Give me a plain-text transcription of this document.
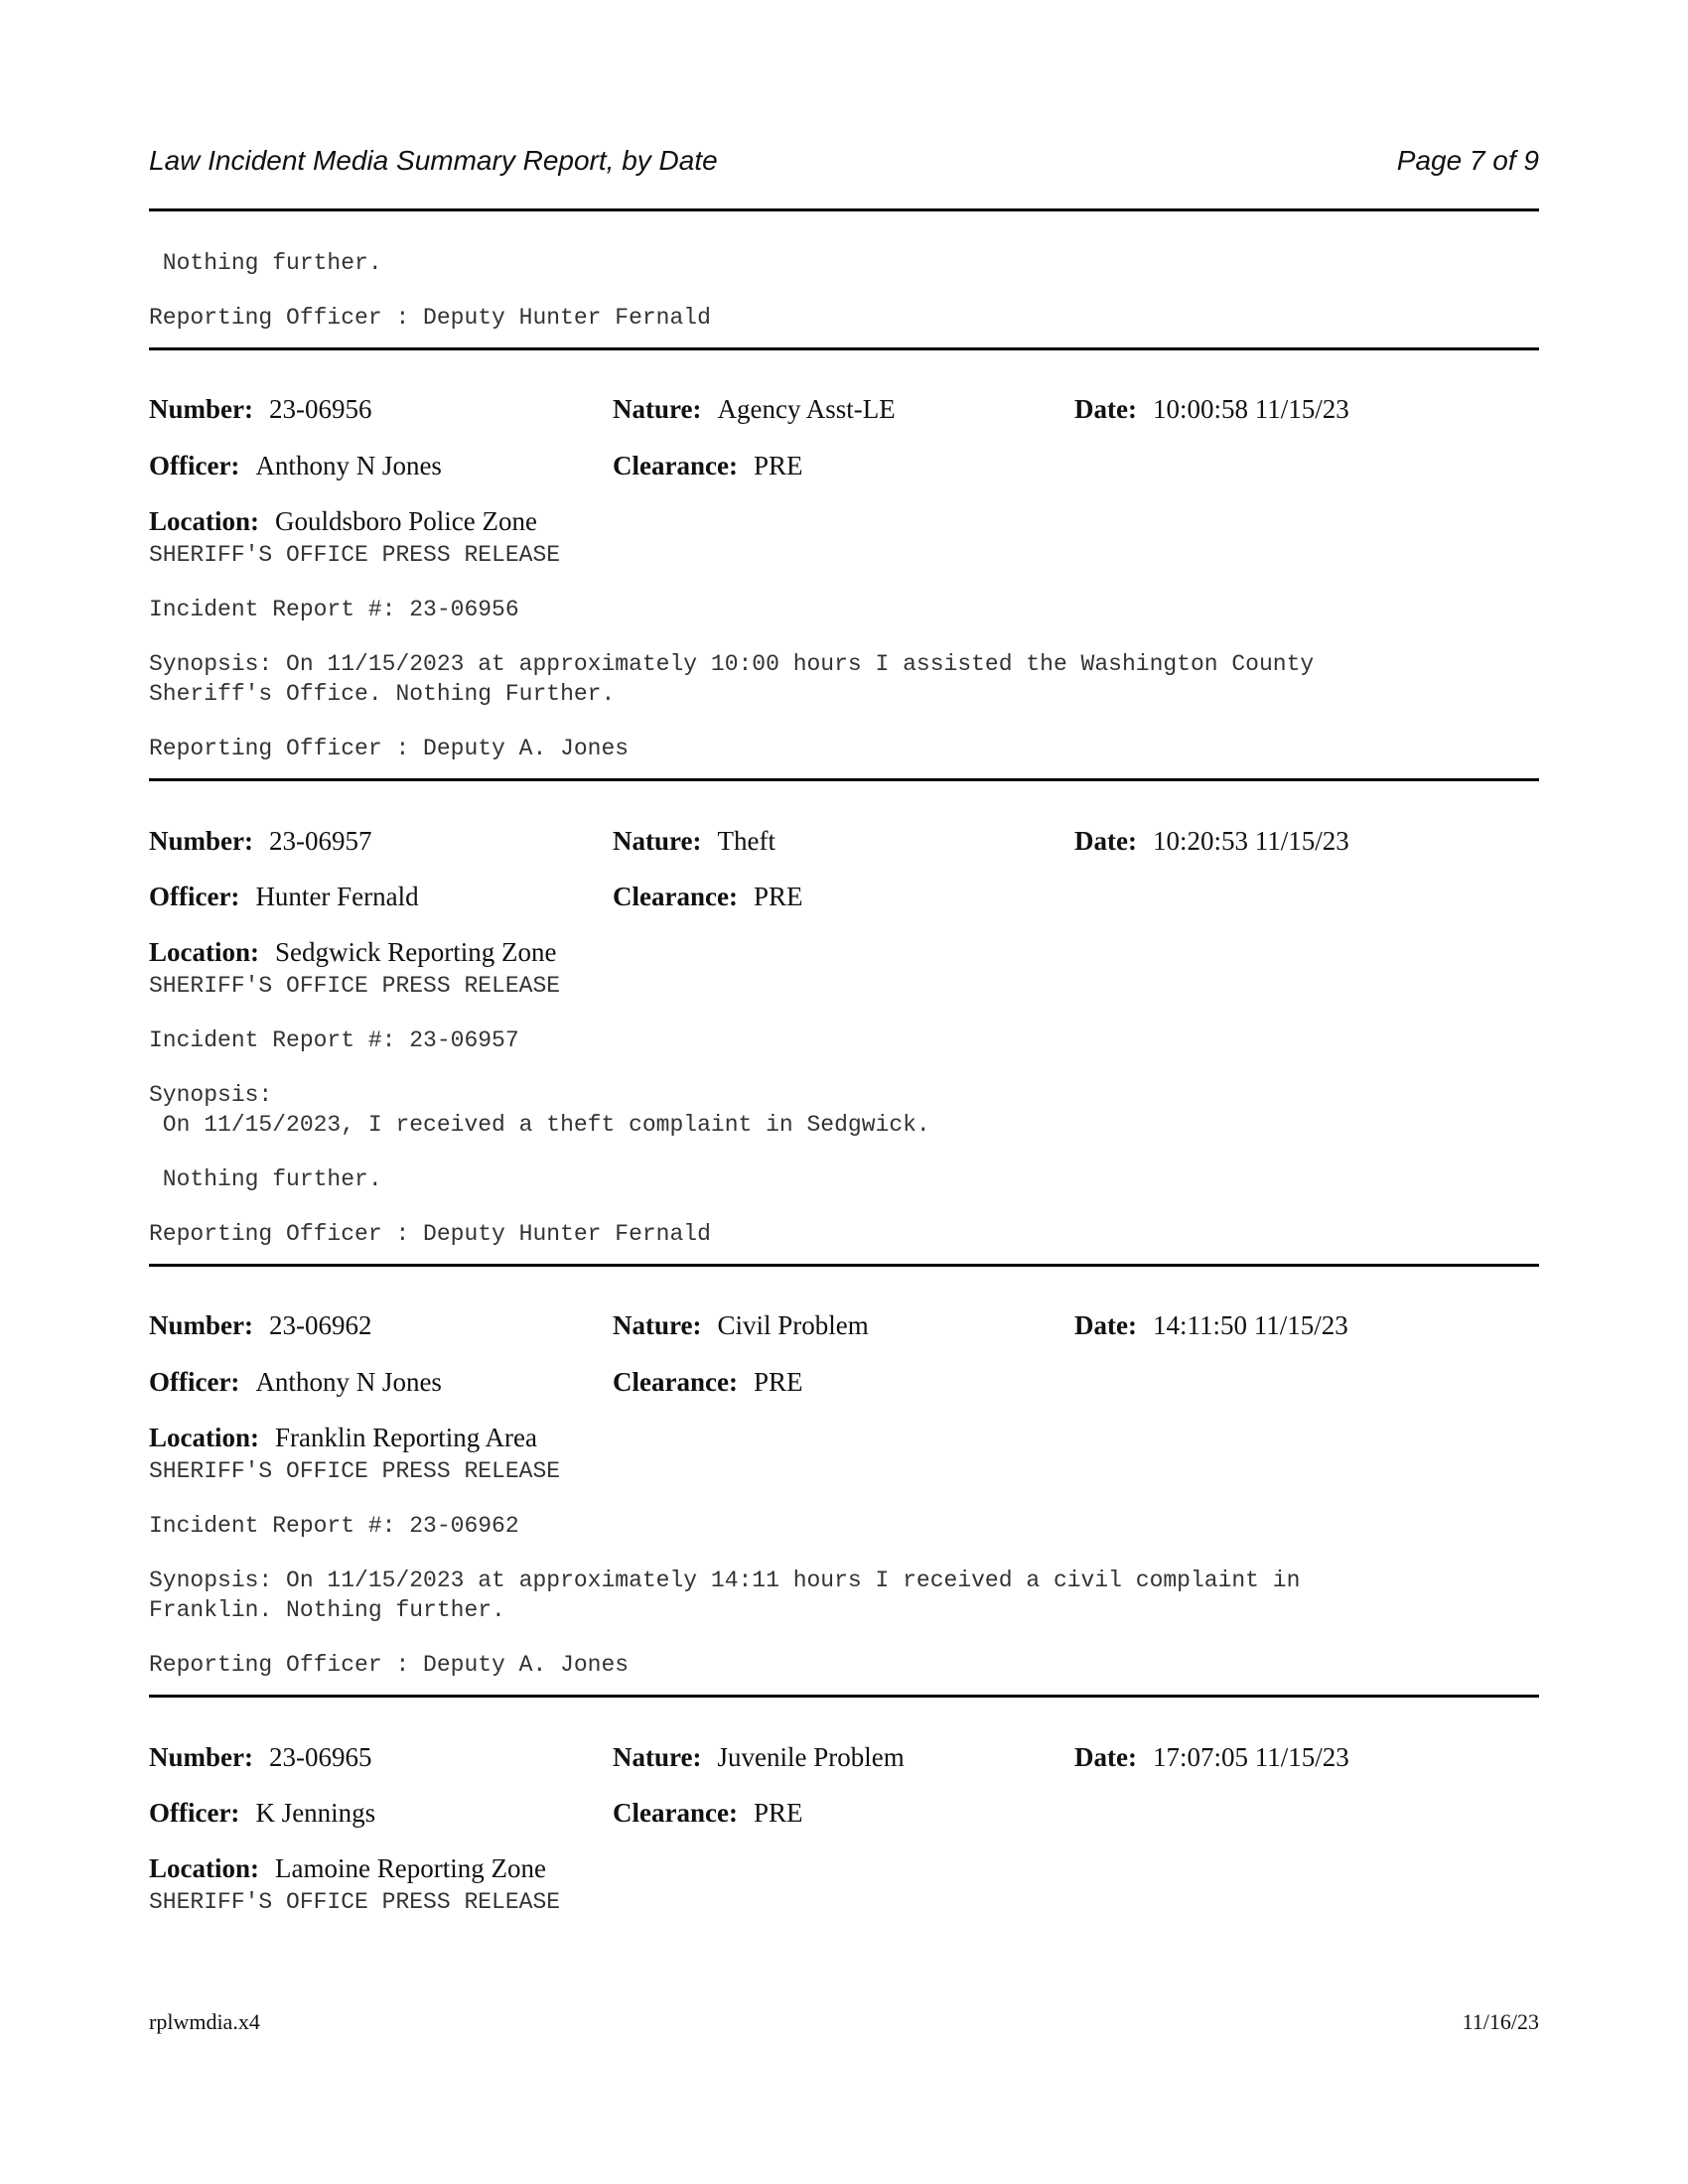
Law Incident Media Summary Report, by Date	Page 7 of 9
Nothing further.
Reporting Officer : Deputy Hunter Fernald
Number: 23-06956	Nature: Agency Asst-LE	Date: 10:00:58 11/15/23
Officer: Anthony N Jones	Clearance: PRE
Location: Gouldsboro Police Zone
SHERIFF'S OFFICE PRESS RELEASE
Incident Report #: 23-06956
Synopsis: On 11/15/2023 at approximately 10:00 hours I assisted the Washington County
Sheriff's Office. Nothing Further.
Reporting Officer : Deputy A. Jones
Number: 23-06957	Nature: Theft	Date: 10:20:53 11/15/23
Officer: Hunter Fernald	Clearance: PRE
Location: Sedgwick Reporting Zone
SHERIFF'S OFFICE PRESS RELEASE
Incident Report #: 23-06957
Synopsis:
On 11/15/2023, I received a theft complaint in Sedgwick.
Nothing further.
Reporting Officer : Deputy Hunter Fernald
Number: 23-06962	Nature: Civil Problem	Date: 14:11:50 11/15/23
Officer: Anthony N Jones	Clearance: PRE
Location: Franklin Reporting Area
SHERIFF'S OFFICE PRESS RELEASE
Incident Report #: 23-06962
Synopsis: On 11/15/2023 at approximately 14:11 hours I received a civil complaint in
Franklin. Nothing further.
Reporting Officer : Deputy A. Jones
Number: 23-06965	Nature: Juvenile Problem	Date: 17:07:05 11/15/23
Officer: K Jennings	Clearance: PRE
Location: Lamoine Reporting Zone
SHERIFF'S OFFICE PRESS RELEASE
rplwmdia.x4	11/16/23
